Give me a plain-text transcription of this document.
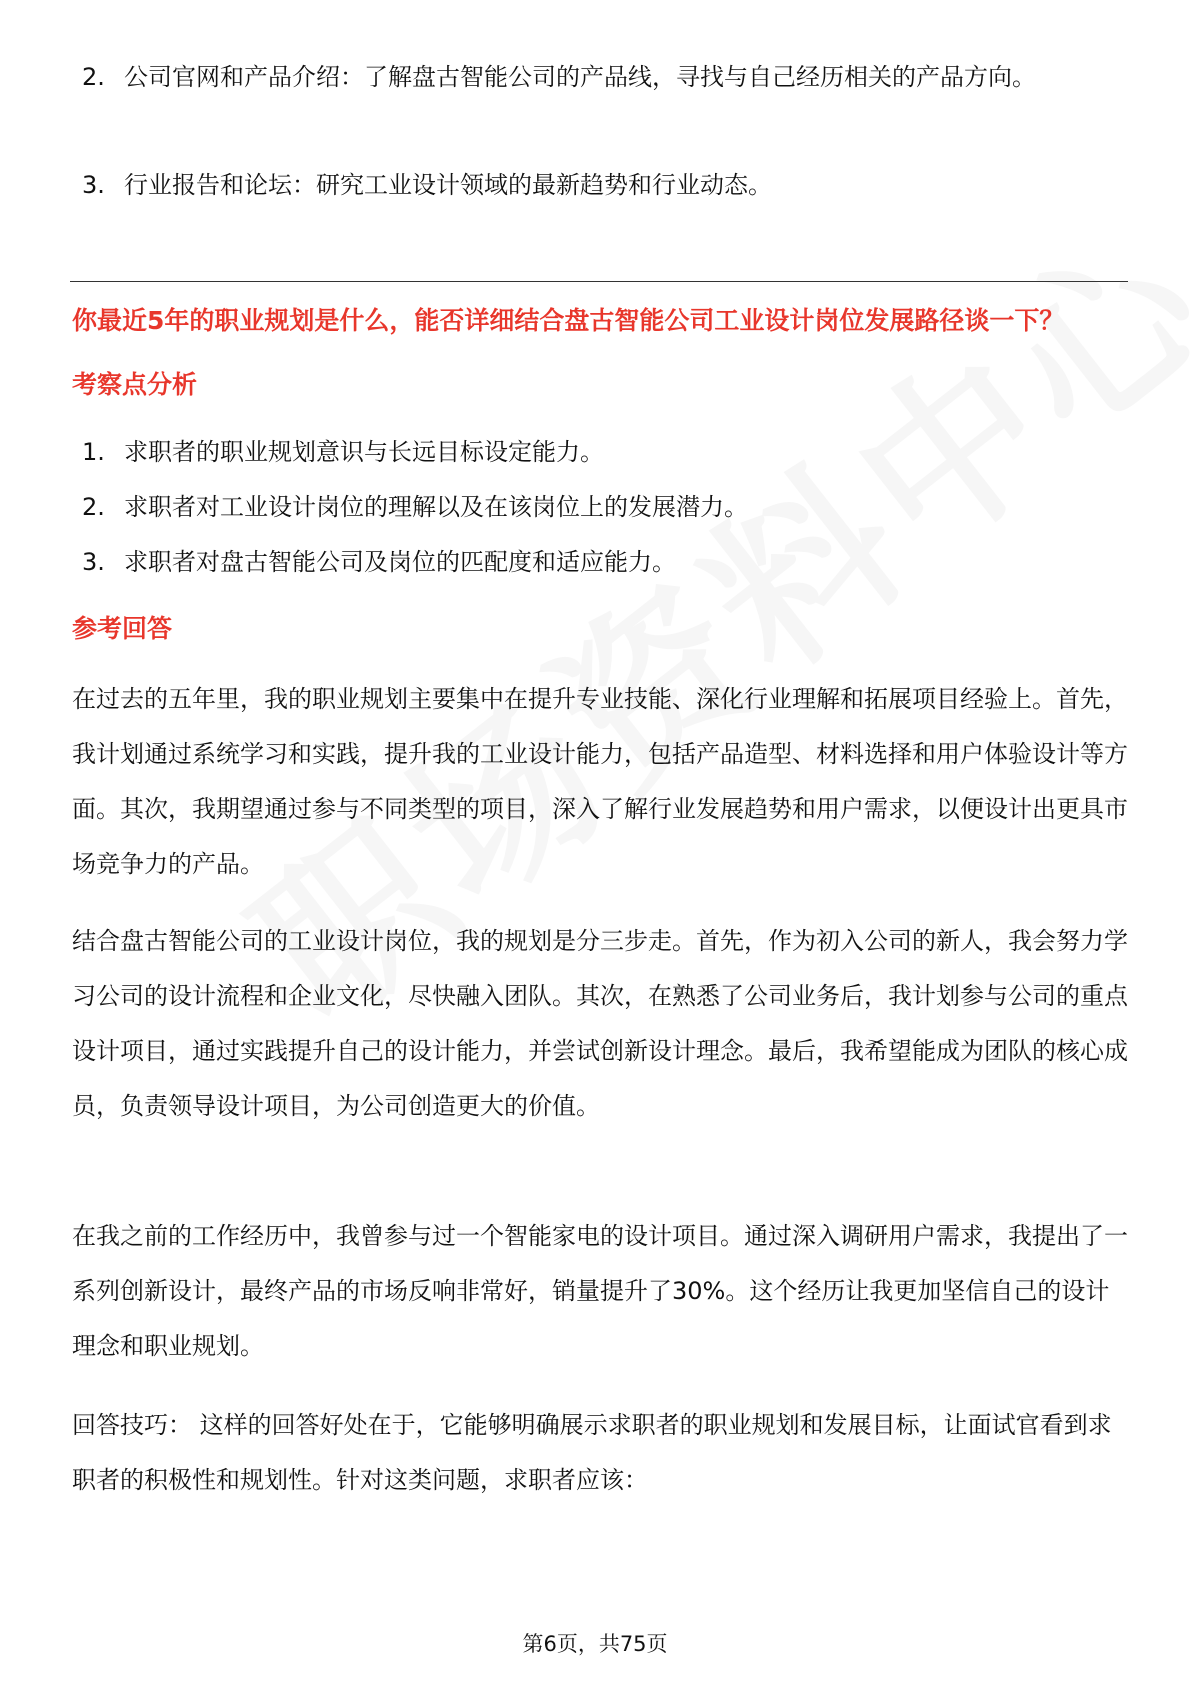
2. 公司官网和产品介绍：了解盘古智能公司的产品线，寻找与自己经历相关的产品方向。
3. 行业报告和论坛：研究工业设计领域的最新趋势和行业动态。
你最近5年的职业规划是什么，能否详细结合盘古智能公司工业设计岗位发展路径谈一下？
考察点分析
1. 求职者的职业规划意识与长远目标设定能力。
2. 求职者对工业设计岗位的理解以及在该岗位上的发展潜力。
3. 求职者对盘古智能公司及岗位的匹配度和适应能力。
参考回答

在过去的五年里，我的职业规划主要集中在提升专业技能、深化行业理解和拓展项目经验上。首先，我计划通过系统学习和实践，提升我的工业设计能力，包括产品造型、材料选择和用户体验设计等方面。其次，我期望通过参与不同类型的项目，深入了解行业发展趋势和用户需求，以便设计出更具市场竞争力的产品。

结合盘古智能公司的工业设计岗位，我的规划是分三步走。首先，作为初入公司的新人，我会努力学习公司的设计流程和企业文化，尽快融入团队。其次，在熟悉了公司业务后，我计划参与公司的重点设计项目，通过实践提升自己的设计能力，并尝试创新设计理念。最后，我希望能成为团队的核心成员，负责领导设计项目，为公司创造更大的价值。

在我之前的工作经历中，我曾参与过一个智能家电的设计项目。通过深入调研用户需求，我提出了一系列创新设计，最终产品的市场反响非常好，销量提升了30%。这个经历让我更加坚信自己的设计理念和职业规划。

回答技巧： 这样的回答好处在于，它能够明确展示求职者的职业规划和发展目标，让面试官看到求职者的积极性和规划性。针对这类问题，求职者应该：

第6页，共75页
